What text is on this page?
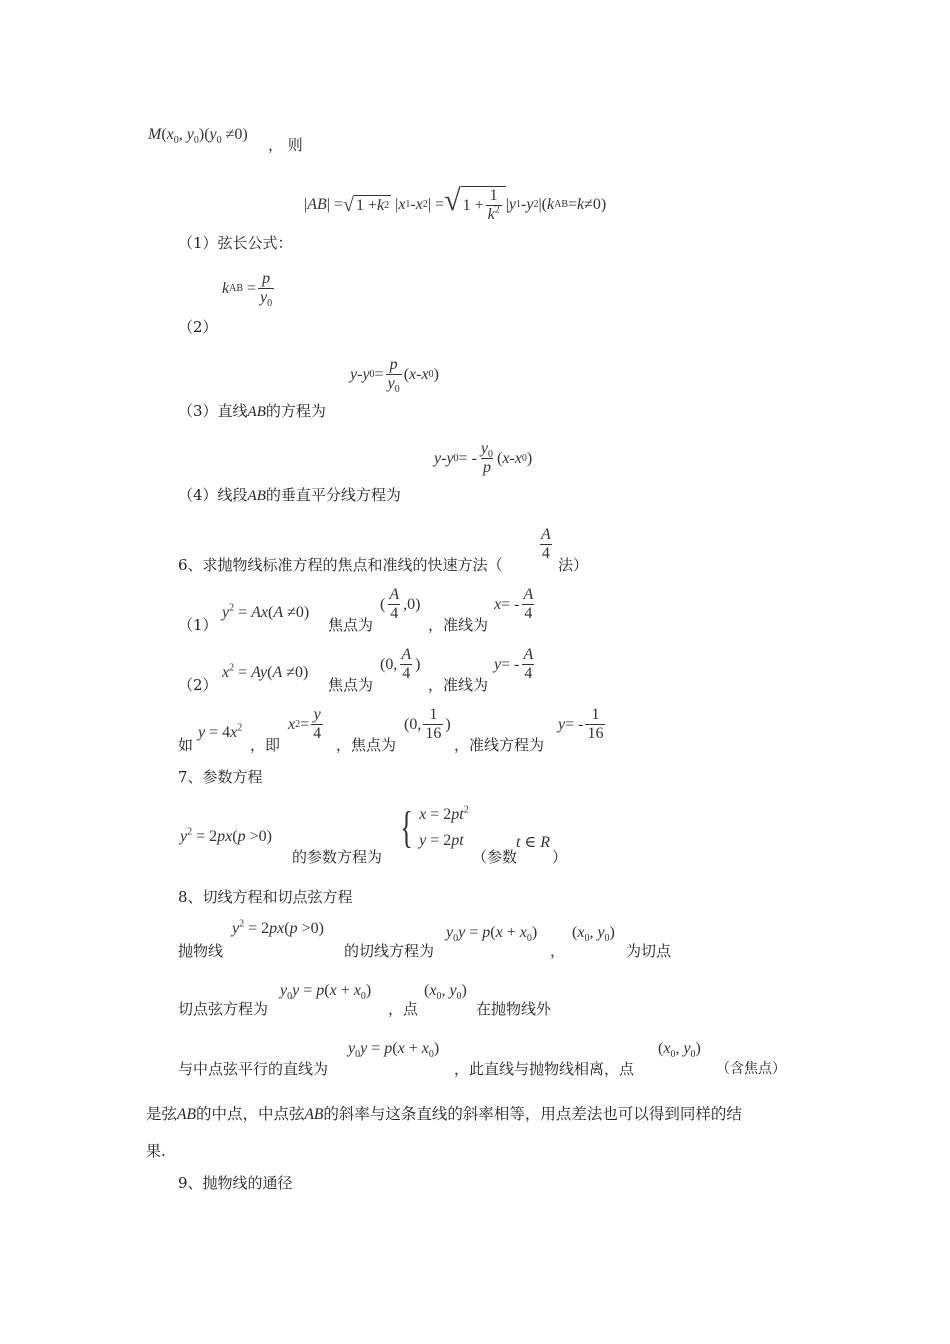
$M(x_0$, $y_0)(y_0 \ne 0)$
， 则
| AB | = √ 1 + k 2 | x 1 - x 2 | = √ $1 + \frac{1}{k^2}$ | y 1 - y 2 |( k AB = k ≠0)
（1）弦长公式：
k AB = $\frac{p}{y_0}$
（2）
y - y $0 = \frac{p}{y_0}$ ( x - x 0 )
（3）直线AB的方程为
y - y 0 = - $\frac{y_0}{p}$ ( x - x 0 )
（4）线段AB的垂直平分线方程为
6、求抛物线标准方程的焦点和准线的快速方法（
$\frac{A}{4}$
法）
（1）
$y^2 = Ax(A \ne 0)$
焦点为
( $\frac{A}{4} ,0$)
，准线为
x = - $\frac{A}{4}$
（2）
$x^2 = Ay(A \ne 0)$
焦点为
(0, $\frac{A}{4}$ )
，准线为
y = - $\frac{A}{4}$
如
$y = 4x^2$
，即
x $2 = \frac{y}{4}$
，焦点为
(0, $\frac{1}{16}$ )
，准线方程为
y = - $\frac{1}{16}$
7、参数方程
$y^2 = 2px(p >0)$
的参数方程为
{ $x = 2pt^2$
y = 2pt
（参数
t ∈ R
）
8、切线方程和切点弦方程
抛物线
$y^2 = 2px(p >0)$
的切线方程为
$y_0y = p(x + x_0)$
，
($x_0$, $y_0$)
为切点
切点弦方程为
$y_0y = p(x + x_0)$
，点
($x_0$, $y_0$)
在抛物线外
与中点弦平行的直线为
$y_0y = p(x + x_0)$
，此直线与抛物线相离，点
($x_0$, $y_0$)
（含焦点）
是弦AB的中点，中点弦AB的斜率与这条直线的斜率相等，用点差法也可以得到同样的结
果.
9、抛物线的通径
